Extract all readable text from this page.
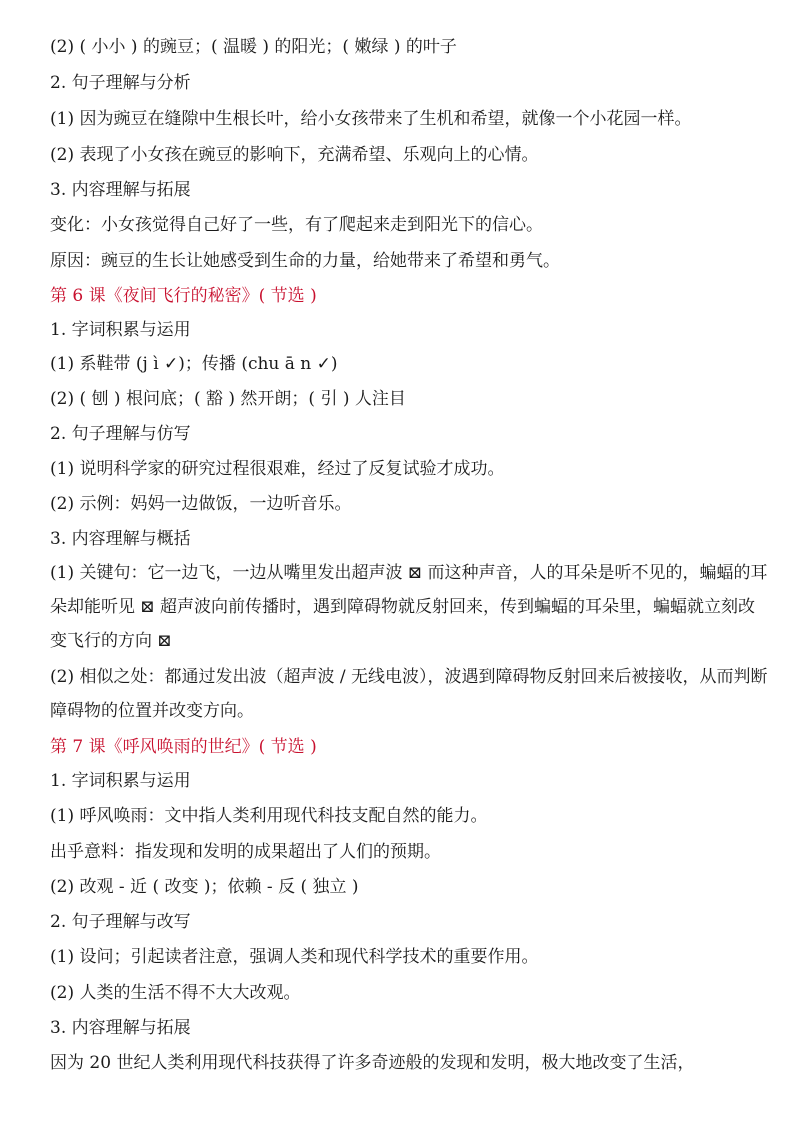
(2) ( 小小 ) 的豌豆；( 温暖 ) 的阳光；( 嫩绿 ) 的叶子
2. 句子理解与分析
(1) 因为豌豆在缝隙中生根长叶，给小女孩带来了生机和希望，就像一个小花园一样。
(2) 表现了小女孩在豌豆的影响下，充满希望、乐观向上的心情。
3. 内容理解与拓展
变化：小女孩觉得自己好了一些，有了爬起来走到阳光下的信心。
原因：豌豆的生长让她感受到生命的力量，给她带来了希望和勇气。
第 6 课《夜间飞行的秘密》( 节选 )
1. 字词积累与运用
(1) 系鞋带 (j ì ✓)；传播 (chu ā n ✓)
(2) ( 刨 ) 根问底；( 豁 ) 然开朗；( 引 ) 人注目
2. 句子理解与仿写
(1) 说明科学家的研究过程很艰难，经过了反复试验才成功。
(2) 示例：妈妈一边做饭，一边听音乐。
3. 内容理解与概括
(1) 关键句：它一边飞，一边从嘴里发出超声波 ⊠ 而这种声音，人的耳朵是听不见的，蝙蝠的耳朵却能听见 ⊠ 超声波向前传播时，遇到障碍物就反射回来，传到蝙蝠的耳朵里，蝙蝠就立刻改变飞行的方向 ⊠
(2) 相似之处：都通过发出波（超声波 / 无线电波），波遇到障碍物反射回来后被接收，从而判断障碍物的位置并改变方向。
第 7 课《呼风唤雨的世纪》( 节选 )
1. 字词积累与运用
(1) 呼风唤雨：文中指人类利用现代科技支配自然的能力。
出乎意料：指发现和发明的成果超出了人们的预期。
(2) 改观 - 近 ( 改变 )；依赖 - 反 ( 独立 )
2. 句子理解与改写
(1) 设问；引起读者注意，强调人类和现代科学技术的重要作用。
(2) 人类的生活不得不大大改观。
3. 内容理解与拓展
因为 20 世纪人类利用现代科技获得了许多奇迹般的发现和发明，极大地改变了生活，
